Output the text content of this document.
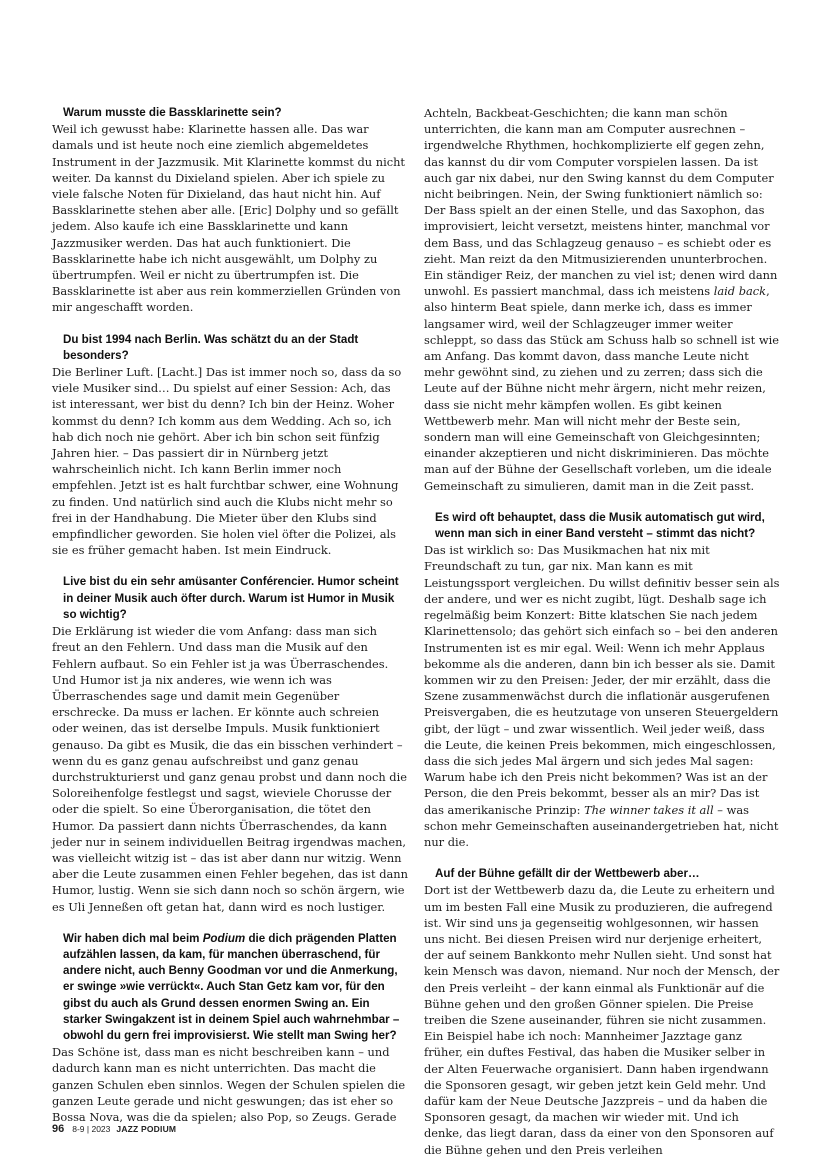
Warum musste die Bassklarinette sein?

Weil ich gewusst habe: Klarinette hassen alle. Das war damals und ist heute noch eine ziemlich abgemeldetes Instrument in der Jazzmusik. Mit Klarinette kommst du nicht weiter. Da kannst du Dixieland spielen. Aber ich spiele zu viele falsche Noten für Dixieland, das haut nicht hin. Auf Bassklarinette stehen aber alle. [Eric] Dolphy und so gefällt jedem. Also kaufe ich eine Bassklarinette und kann Jazzmusiker werden. Das hat auch funktioniert. Die Bassklarinette habe ich nicht ausgewählt, um Dolphy zu übertrumpfen. Weil er nicht zu übertrumpfen ist. Die Bassklarinette ist aber aus rein kommerziellen Gründen von mir angeschafft worden.

Du bist 1994 nach Berlin. Was schätzt du an der Stadt besonders?

Die Berliner Luft. [Lacht.] Das ist immer noch so, dass da so viele Musiker sind… Du spielst auf einer Session: Ach, das ist interessant, wer bist du denn? Ich bin der Heinz. Woher kommst du denn? Ich komm aus dem Wedding. Ach so, ich hab dich noch nie gehört. Aber ich bin schon seit fünfzig Jahren hier. – Das passiert dir in Nürnberg jetzt wahrscheinlich nicht. Ich kann Berlin immer noch empfehlen. Jetzt ist es halt furchtbar schwer, eine Wohnung zu finden. Und natürlich sind auch die Klubs nicht mehr so frei in der Handhabung. Die Mieter über den Klubs sind empfindlicher geworden. Sie holen viel öfter die Polizei, als sie es früher gemacht haben. Ist mein Eindruck.

Live bist du ein sehr amüsanter Conférencier. Humor scheint in deiner Musik auch öfter durch. Warum ist Humor in Musik so wichtig?

Die Erklärung ist wieder die vom Anfang: dass man sich freut an den Fehlern. Und dass man die Musik auf den Fehlern aufbaut. So ein Fehler ist ja was Überraschendes. Und Humor ist ja nix anderes, wie wenn ich was Überraschendes sage und damit mein Gegenüber erschrecke. Da muss er lachen. Er könnte auch schreien oder weinen, das ist derselbe Impuls. Musik funktioniert genauso. Da gibt es Musik, die das ein bisschen verhindert – wenn du es ganz genau aufschreibst und ganz genau durchstrukturierst und ganz genau probst und dann noch die Soloreihenfolge festlegst und sagst, wieviele Chorusse der oder die spielt. So eine Überorganisation, die tötet den Humor. Da passiert dann nichts Überraschendes, da kann jeder nur in seinem individuellen Beitrag irgendwas machen, was vielleicht witzig ist – das ist aber dann nur witzig. Wenn aber die Leute zusammen einen Fehler begehen, das ist dann Humor, lustig. Wenn sie sich dann noch so schön ärgern, wie es Uli Jenneßen oft getan hat, dann wird es noch lustiger.

Wir haben dich mal beim Podium die dich prägenden Platten aufzählen lassen, da kam, für manchen überraschend, für andere nicht, auch Benny Goodman vor und die Anmerkung, er swinge »wie verrückt«. Auch Stan Getz kam vor, für den gibst du auch als Grund dessen enormen Swing an. Ein starker Swingakzent ist in deinem Spiel auch wahrnehmbar – obwohl du gern frei improvisierst. Wie stellt man Swing her?

Das Schöne ist, dass man es nicht beschreiben kann – und dadurch kann man es nicht unterrichten. Das macht die ganzen Schulen eben sinnlos. Wegen der Schulen spielen die ganzen Leute gerade und nicht geswungen; das ist eher so Bossa Nova, was die da spielen; also Pop, so Zeugs. Gerade

Achteln, Backbeat-Geschichten; die kann man schön unterrichten, die kann man am Computer ausrechnen – irgendwelche Rhythmen, hochkomplizierte elf gegen zehn, das kannst du dir vom Computer vorspielen lassen. Da ist auch gar nix dabei, nur den Swing kannst du dem Computer nicht beibringen. Nein, der Swing funktioniert nämlich so: Der Bass spielt an der einen Stelle, und das Saxophon, das improvisiert, leicht versetzt, meistens hinter, manchmal vor dem Bass, und das Schlagzeug genauso – es schiebt oder es zieht. Man reizt da den Mitmusizierenden ununterbrochen. Ein ständiger Reiz, der manchen zu viel ist; denen wird dann unwohl. Es passiert manchmal, dass ich meistens laid back, also hinterm Beat spiele, dann merke ich, dass es immer langsamer wird, weil der Schlagzeuger immer weiter schleppt, so dass das Stück am Schuss halb so schnell ist wie am Anfang. Das kommt davon, dass manche Leute nicht mehr gewöhnt sind, zu ziehen und zu zerren; dass sich die Leute auf der Bühne nicht mehr ärgern, nicht mehr reizen, dass sie nicht mehr kämpfen wollen. Es gibt keinen Wettbewerb mehr. Man will nicht mehr der Beste sein, sondern man will eine Gemeinschaft von Gleichgesinnten; einander akzeptieren und nicht diskriminieren. Das möchte man auf der Bühne der Gesellschaft vorleben, um die ideale Gemeinschaft zu simulieren, damit man in die Zeit passt.

Es wird oft behauptet, dass die Musik automatisch gut wird, wenn man sich in einer Band versteht – stimmt das nicht?

Das ist wirklich so: Das Musikmachen hat nix mit Freundschaft zu tun, gar nix. Man kann es mit Leistungssport vergleichen. Du willst definitiv besser sein als der andere, und wer es nicht zugibt, lügt. Deshalb sage ich regelmäßig beim Konzert: Bitte klatschen Sie nach jedem Klarinettensolo; das gehört sich einfach so – bei den anderen Instrumenten ist es mir egal. Weil: Wenn ich mehr Applaus bekomme als die anderen, dann bin ich besser als sie. Damit kommen wir zu den Preisen: Jeder, der mir erzählt, dass die Szene zusammenwächst durch die inflationär ausgerufenen Preisvergaben, die es heutzutage von unseren Steuergeldern gibt, der lügt – und zwar wissentlich. Weil jeder weiß, dass die Leute, die keinen Preis bekommen, mich eingeschlossen, dass die sich jedes Mal ärgern und sich jedes Mal sagen: Warum habe ich den Preis nicht bekommen? Was ist an der Person, die den Preis bekommt, besser als an mir? Das ist das amerikanische Prinzip: The winner takes it all – was schon mehr Gemeinschaften auseinandergetrieben hat, nicht nur die.

Auf der Bühne gefällt dir der Wettbewerb aber…

Dort ist der Wettbewerb dazu da, die Leute zu erheitern und um im besten Fall eine Musik zu produzieren, die aufregend ist. Wir sind uns ja gegenseitig wohlgesonnen, wir hassen uns nicht. Bei diesen Preisen wird nur derjenige erheitert, der auf seinem Bankkonto mehr Nullen sieht. Und sonst hat kein Mensch was davon, niemand. Nur noch der Mensch, der den Preis verleiht – der kann einmal als Funktionär auf die Bühne gehen und den großen Gönner spielen. Die Preise treiben die Szene auseinander, führen sie nicht zusammen. Ein Beispiel habe ich noch: Mannheimer Jazztage ganz früher, ein duftes Festival, das haben die Musiker selber in der Alten Feuerwache organisiert. Dann haben irgendwann die Sponsoren gesagt, wir geben jetzt kein Geld mehr. Und dafür kam der Neue Deutsche Jazzpreis – und da haben die Sponsoren gesagt, da machen wir wieder mit. Und ich denke, das liegt daran, dass da einer von den Sponsoren auf die Bühne gehen und den Preis verleihen

96 8-9 | 2023 JAZZ PODIUM
